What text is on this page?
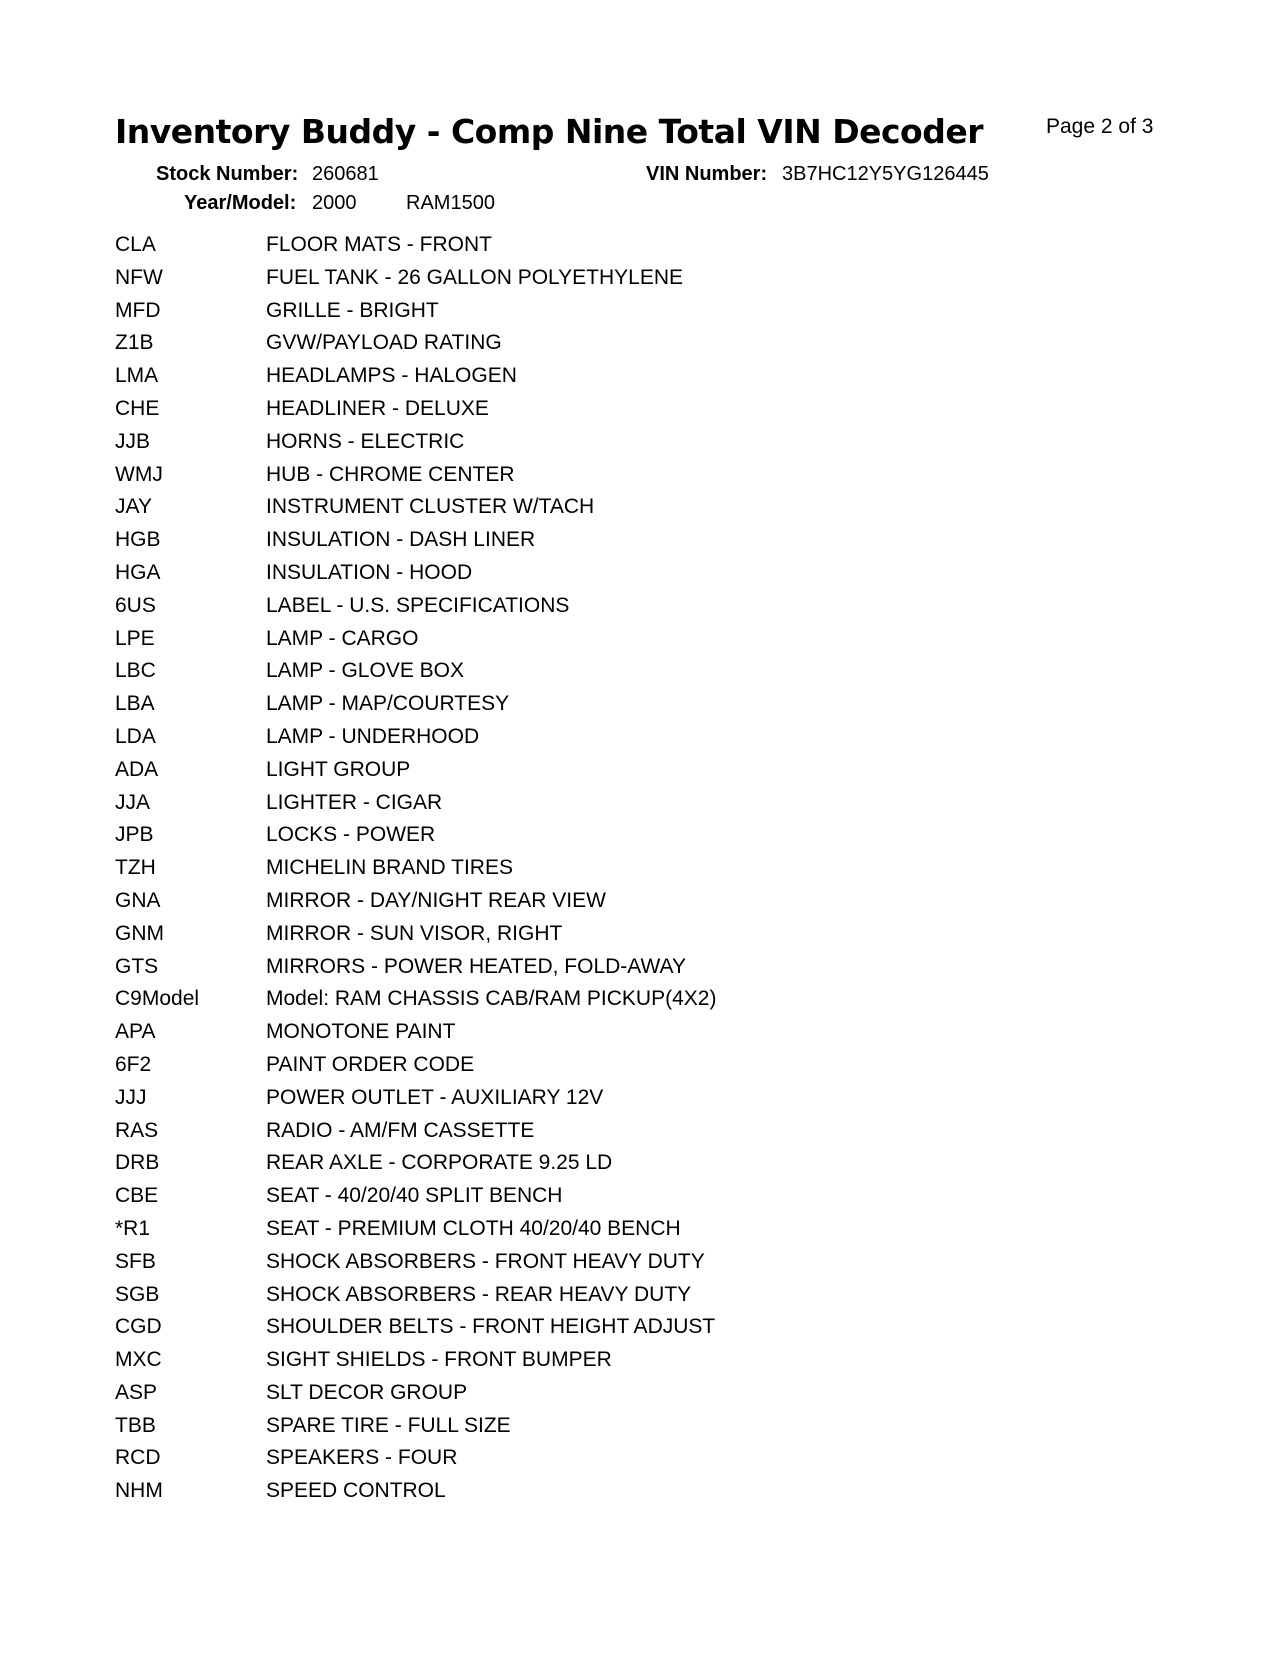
Inventory Buddy - Comp Nine Total VIN Decoder	Page 2 of 3
Stock Number: 260681	VIN Number: 3B7HC12Y5YG126445
Year/Model: 2000 RAM1500
CLA	FLOOR MATS - FRONT
NFW	FUEL TANK - 26 GALLON POLYETHYLENE
MFD	GRILLE - BRIGHT
Z1B	GVW/PAYLOAD RATING
LMA	HEADLAMPS - HALOGEN
CHE	HEADLINER - DELUXE
JJB	HORNS - ELECTRIC
WMJ	HUB - CHROME CENTER
JAY	INSTRUMENT CLUSTER W/TACH
HGB	INSULATION - DASH LINER
HGA	INSULATION - HOOD
6US	LABEL - U.S. SPECIFICATIONS
LPE	LAMP - CARGO
LBC	LAMP - GLOVE BOX
LBA	LAMP - MAP/COURTESY
LDA	LAMP - UNDERHOOD
ADA	LIGHT GROUP
JJA	LIGHTER - CIGAR
JPB	LOCKS - POWER
TZH	MICHELIN BRAND TIRES
GNA	MIRROR - DAY/NIGHT REAR VIEW
GNM	MIRROR - SUN VISOR, RIGHT
GTS	MIRRORS - POWER HEATED, FOLD-AWAY
C9Model	Model: RAM CHASSIS CAB/RAM PICKUP(4X2)
APA	MONOTONE PAINT
6F2	PAINT ORDER CODE
JJJ	POWER OUTLET - AUXILIARY 12V
RAS	RADIO - AM/FM CASSETTE
DRB	REAR AXLE - CORPORATE 9.25 LD
CBE	SEAT - 40/20/40 SPLIT BENCH
*R1	SEAT - PREMIUM CLOTH 40/20/40 BENCH
SFB	SHOCK ABSORBERS - FRONT HEAVY DUTY
SGB	SHOCK ABSORBERS - REAR HEAVY DUTY
CGD	SHOULDER BELTS - FRONT HEIGHT ADJUST
MXC	SIGHT SHIELDS - FRONT BUMPER
ASP	SLT DECOR GROUP
TBB	SPARE TIRE - FULL SIZE
RCD	SPEAKERS - FOUR
NHM	SPEED CONTROL
